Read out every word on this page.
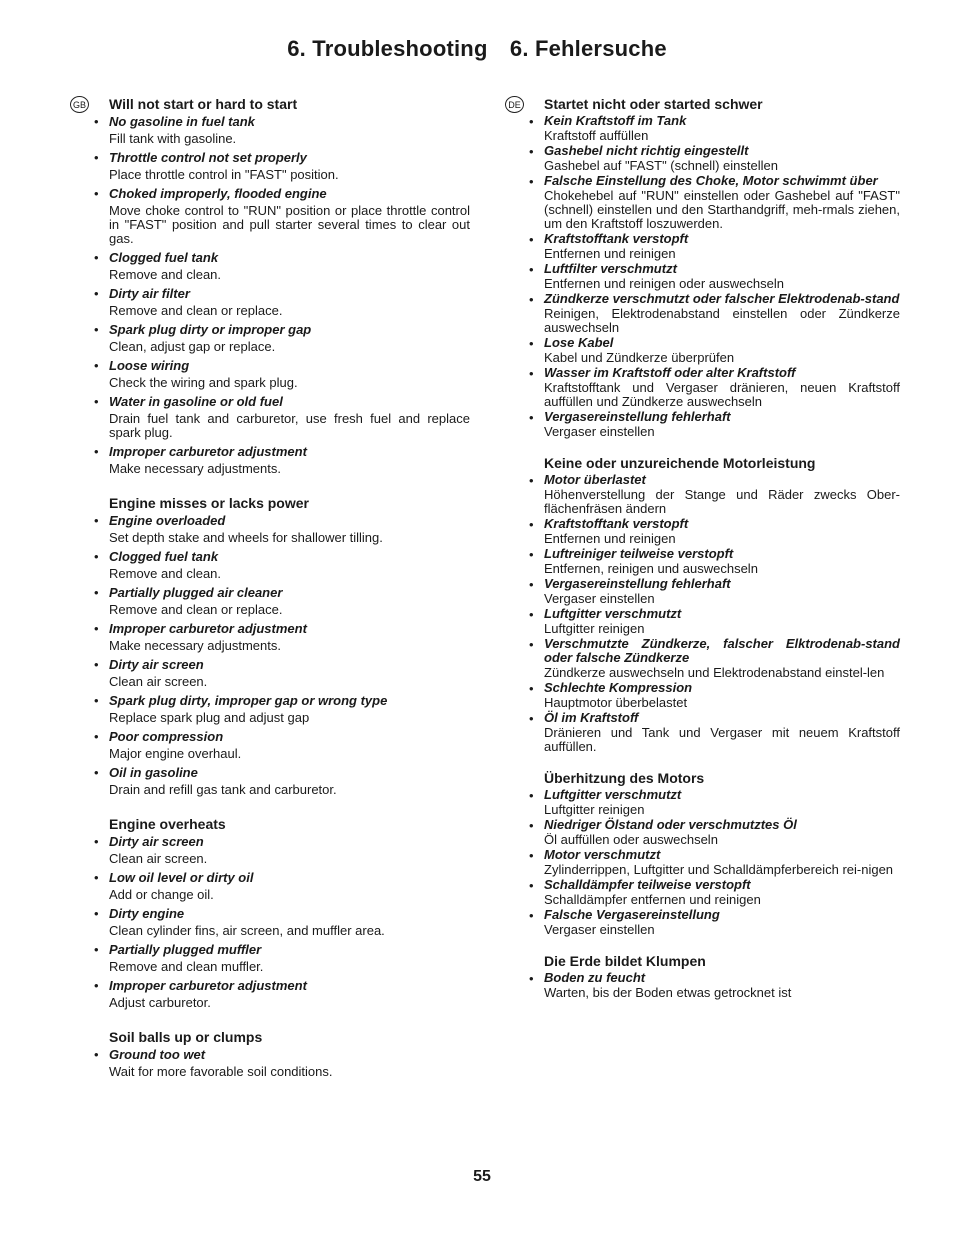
6. Troubleshooting 6. Fehlersuche
GB Will not start or hard to start
• No gasoline in fuel tank
Fill tank with gasoline.
• Throttle control not set properly
Place throttle control in "FAST" position.
• Choked improperly, flooded engine
Move choke control to "RUN" position or place throttle control in "FAST" position and pull starter several times to clear out gas.
• Clogged fuel tank
Remove and clean.
• Dirty air filter
Remove and clean or replace.
• Spark plug dirty or improper gap
Clean, adjust gap or replace.
• Loose wiring
Check the wiring and spark plug.
• Water in gasoline or old fuel
Drain fuel tank and carburetor, use fresh fuel and replace spark plug.
• Improper carburetor adjustment
Make necessary adjustments.
Engine misses or lacks power
• Engine overloaded
Set depth stake and wheels for shallower tilling.
• Clogged fuel tank
Remove and clean.
• Partially plugged air cleaner
Remove and clean or replace.
• Improper carburetor adjustment
Make necessary adjustments.
• Dirty air screen
Clean air screen.
• Spark plug dirty, improper gap or wrong type
Replace spark plug and adjust gap
• Poor compression
Major engine overhaul.
• Oil in gasoline
Drain and refill gas tank and carburetor.
Engine overheats
• Dirty air screen
Clean air screen.
• Low oil level or dirty oil
Add or change oil.
• Dirty engine
Clean cylinder fins, air screen, and muffler area.
• Partially plugged muffler
Remove and clean muffler.
• Improper carburetor adjustment
Adjust carburetor.
Soil balls up or clumps
• Ground too wet
Wait for more favorable soil conditions.
DE Startet nicht oder started schwer
• Kein Kraftstoff im Tank
Kraftstoff auffüllen
• Gashebel nicht richtig eingestellt
Gashebel auf "FAST" (schnell) einstellen
• Falsche Einstellung des Choke, Motor schwimmt über
Chokehebel auf "RUN" einstellen oder Gashebel auf "FAST" (schnell) einstellen und den Starthandgriff, meh-rmals ziehen, um den Kraftstoff loszuwerden.
• Kraftstofftank verstopft
Entfernen und reinigen
• Luftfilter verschmutzt
Entfernen und reinigen oder auswechseln
• Zündkerze verschmutzt oder falscher Elektrodenab-stand
Reinigen, Elektrodenabstand einstellen oder Zündkerze auswechseln
• Lose Kabel
Kabel und Zündkerze überprüfen
• Wasser im Kraftstoff oder alter Kraftstoff
Kraftstofftank und Vergaser dränieren, neuen Kraftstoff auffüllen und Zündkerze auswechseln
• Vergasereinstellung fehlerhaft
Vergaser einstellen
Keine oder unzureichende Motorleistung
• Motor überlastet
Höhenverstellung der Stange und Räder zwecks Ober-flächenfräsen ändern
• Kraftstofftank verstopft
Entfernen und reinigen
• Luftreiniger teilweise verstopft
Entfernen, reinigen und auswechseln
• Vergasereinstellung fehlerhaft
Vergaser einstellen
• Luftgitter verschmutzt
Luftgitter reinigen
• Verschmutzte Zündkerze, falscher Elktrodenab-stand oder falsche Zündkerze
Zündkerze auswechseln und Elektrodenabstand einstel-len
• Schlechte Kompression
Hauptmotor überbelastet
• Öl im Kraftstoff
Dränieren und Tank und Vergaser mit neuem Kraftstoff auffüllen.
Überhitzung des Motors
• Luftgitter verschmutzt
Luftgitter reinigen
• Niedriger Ölstand oder verschmutztes Öl
Öl auffüllen oder auswechseln
• Motor verschmutzt
Zylinderrippen, Luftgitter und Schalldämpferbereich rei-nigen
• Schalldämpfer teilweise verstopft
Schalldämpfer entfernen und reinigen
• Falsche Vergasereinstellung
Vergaser einstellen
Die Erde bildet Klumpen
• Boden zu feucht
Warten, bis der Boden etwas getrocknet ist
55
